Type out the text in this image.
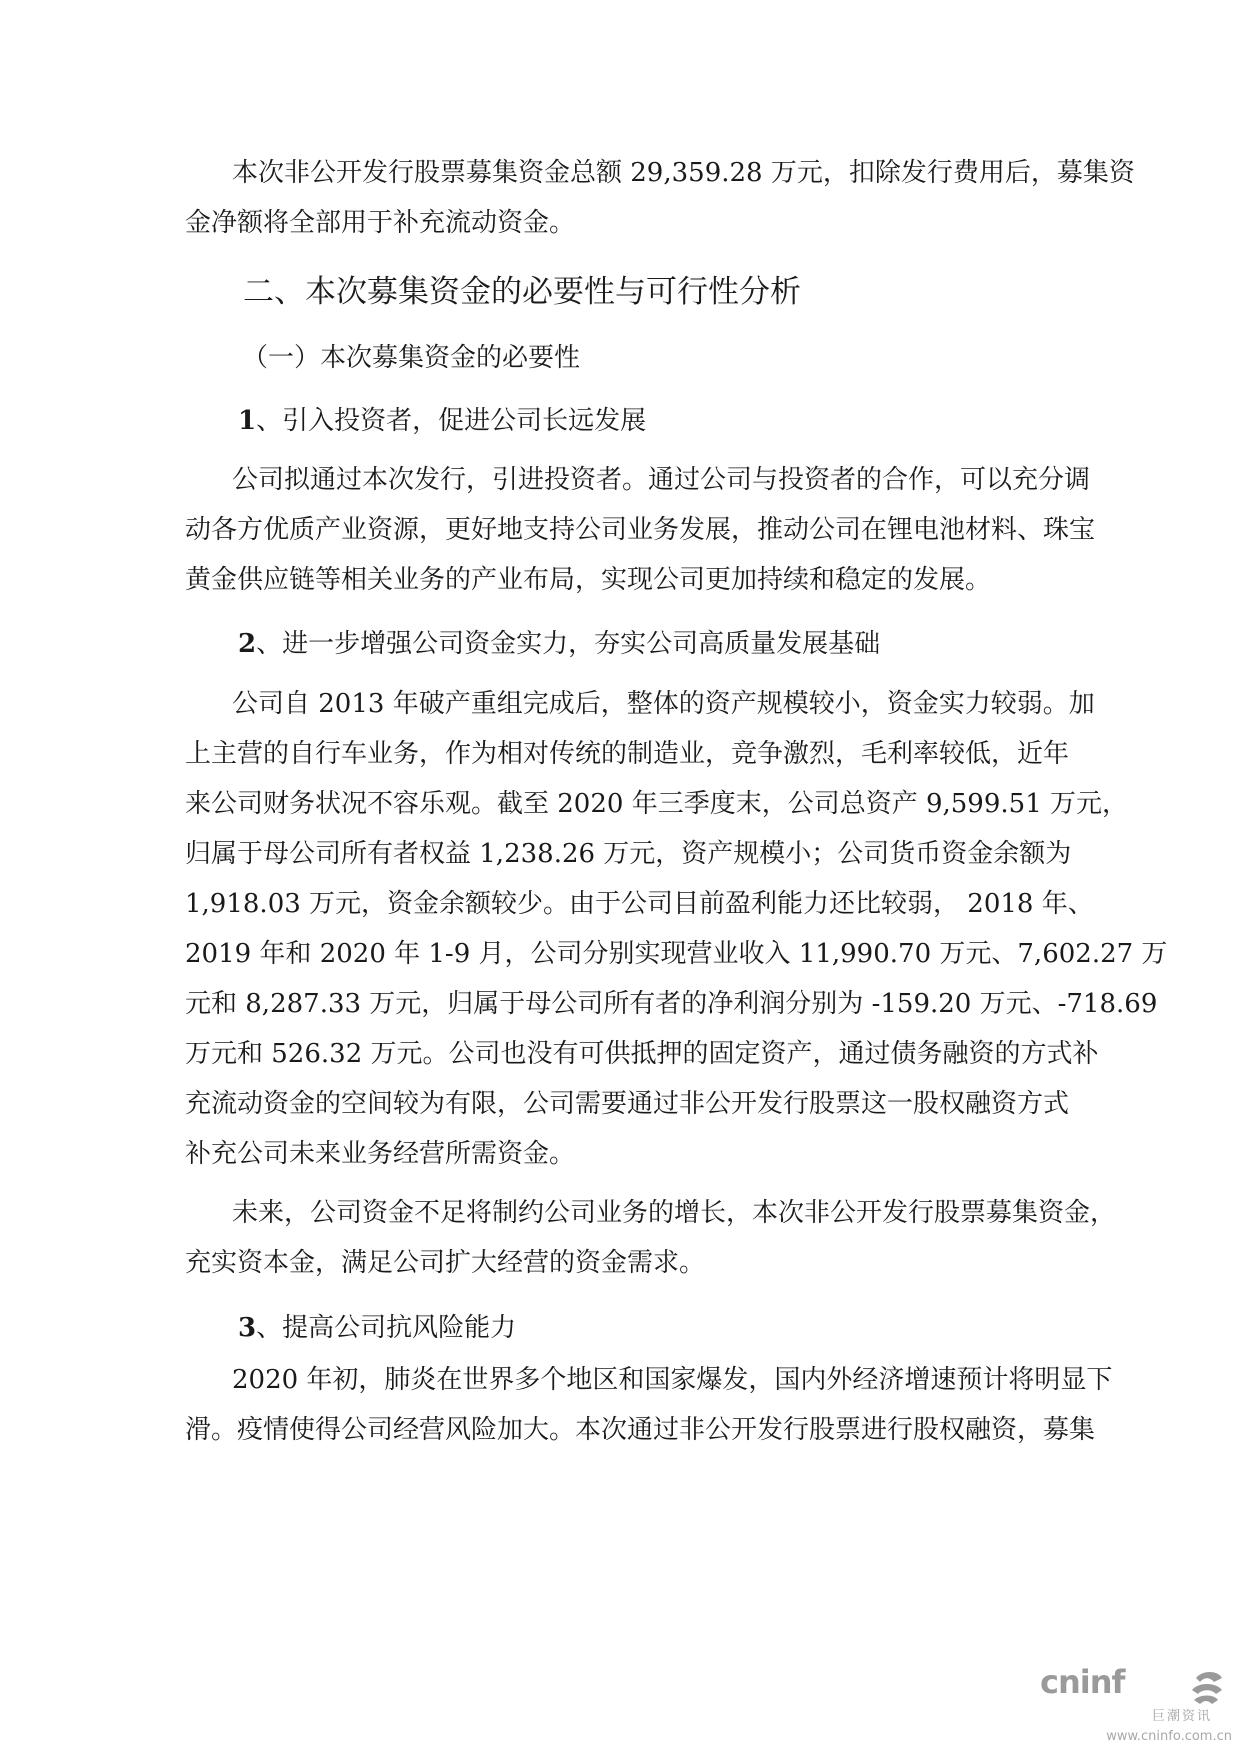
本次非公开发行股票募集资金总额 29,359.28 万元，扣除发行费用后，募集资

金净额将全部用于补充流动资金。

二、本次募集资金的必要性与可行性分析

（一）本次募集资金的必要性

1、引入投资者，促进公司长远发展

公司拟通过本次发行，引进投资者。通过公司与投资者的合作，可以充分调

动各方优质产业资源，更好地支持公司业务发展，推动公司在锂电池材料、珠宝

黄金供应链等相关业务的产业布局，实现公司更加持续和稳定的发展。

2、进一步增强公司资金实力，夯实公司高质量发展基础

公司自 2013 年破产重组完成后，整体的资产规模较小，资金实力较弱。加

上主营的自行车业务，作为相对传统的制造业，竞争激烈，毛利率较低，近年

来公司财务状况不容乐观。截至 2020 年三季度末，公司总资产 9,599.51 万元，

归属于母公司所有者权益 1,238.26 万元，资产规模小；公司货币资金余额为

1,918.03 万元，资金余额较少。由于公司目前盈利能力还比较弱， 2018 年、

2019 年和 2020 年 1-9 月，公司分别实现营业收入 11,990.70 万元、7,602.27 万

元和 8,287.33 万元，归属于母公司所有者的净利润分别为 -159.20 万元、-718.69

万元和 526.32 万元。公司也没有可供抵押的固定资产，通过债务融资的方式补

充流动资金的空间较为有限，公司需要通过非公开发行股票这一股权融资方式

补充公司未来业务经营所需资金。

未来，公司资金不足将制约公司业务的增长，本次非公开发行股票募集资金，

充实资本金，满足公司扩大经营的资金需求。

3、提高公司抗风险能力

2020 年初，肺炎在世界多个地区和国家爆发，国内外经济增速预计将明显下

滑。疫情使得公司经营风险加大。本次通过非公开发行股票进行股权融资，募集

cninf
巨潮资讯
www.cninfo.com.cn
